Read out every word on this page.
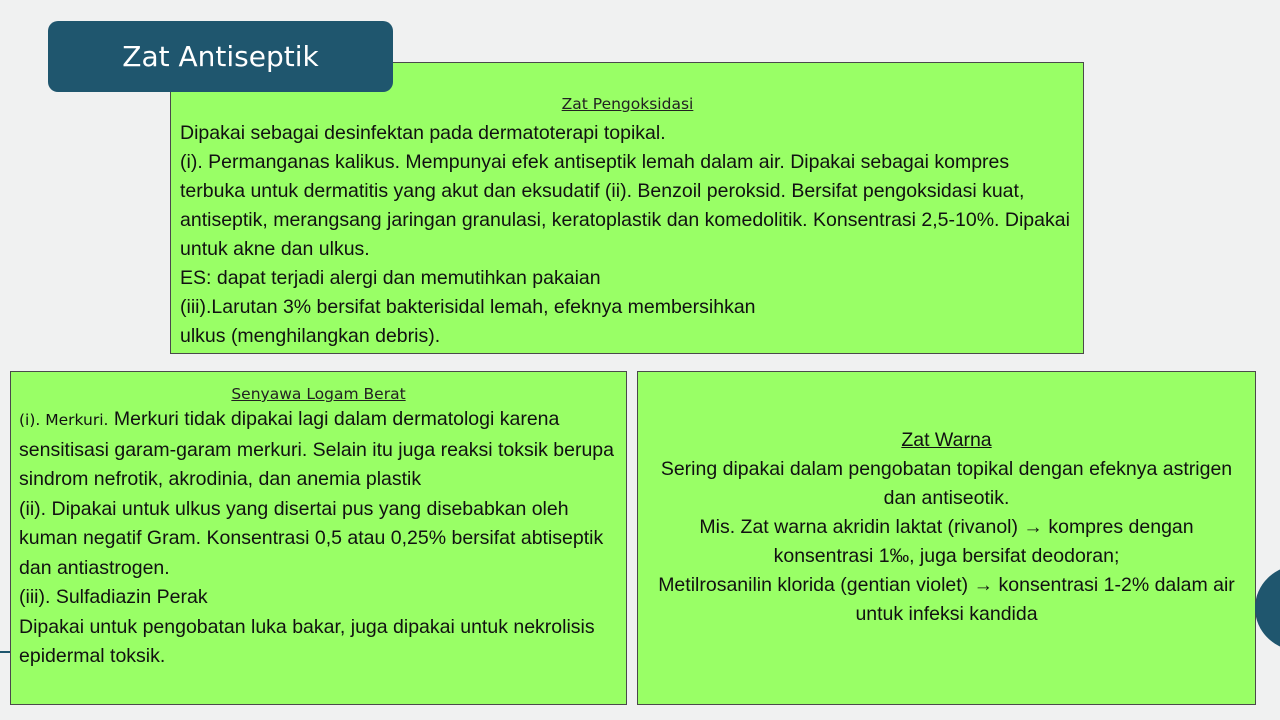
Zat Antiseptik

Zat Pengoksidasi

Dipakai sebagai desinfektan pada dermatoterapi topikal.

(i). Permanganas kalikus. Mempunyai efek antiseptik lemah dalam air. Dipakai sebagai kompres terbuka untuk dermatitis yang akut dan eksudatif (ii). Benzoil peroksid. Bersifat pengoksidasi kuat, antiseptik, merangsang jaringan granulasi, keratoplastik dan komedolitik. Konsentrasi 2,5-10%. Dipakai untuk akne dan ulkus.

ES: dapat terjadi alergi dan memutihkan pakaian

(iii).Larutan 3% bersifat bakterisidal lemah, efeknya membersihkan

ulkus (menghilangkan debris).

Senyawa Logam Berat

(i). Merkuri. Merkuri tidak dipakai lagi dalam dermatologi karena sensitisasi garam-garam merkuri. Selain itu juga reaksi toksik berupa sindrom nefrotik, akrodinia, dan anemia plastik

(ii). Dipakai untuk ulkus yang disertai pus yang disebabkan oleh kuman negatif Gram. Konsentrasi 0,5 atau 0,25% bersifat abtiseptik dan antiastrogen.

(iii). Sulfadiazin Perak

Dipakai untuk pengobatan luka bakar, juga dipakai untuk nekrolisis epidermal toksik.

Zat Warna

Sering dipakai dalam pengobatan topikal dengan efeknya astrigen dan antiseotik.

Mis. Zat warna akridin laktat (rivanol) → kompres dengan konsentrasi 1‰, juga bersifat deodoran;

Metilrosanilin klorida (gentian violet) → konsentrasi 1-2% dalam air untuk infeksi kandida
